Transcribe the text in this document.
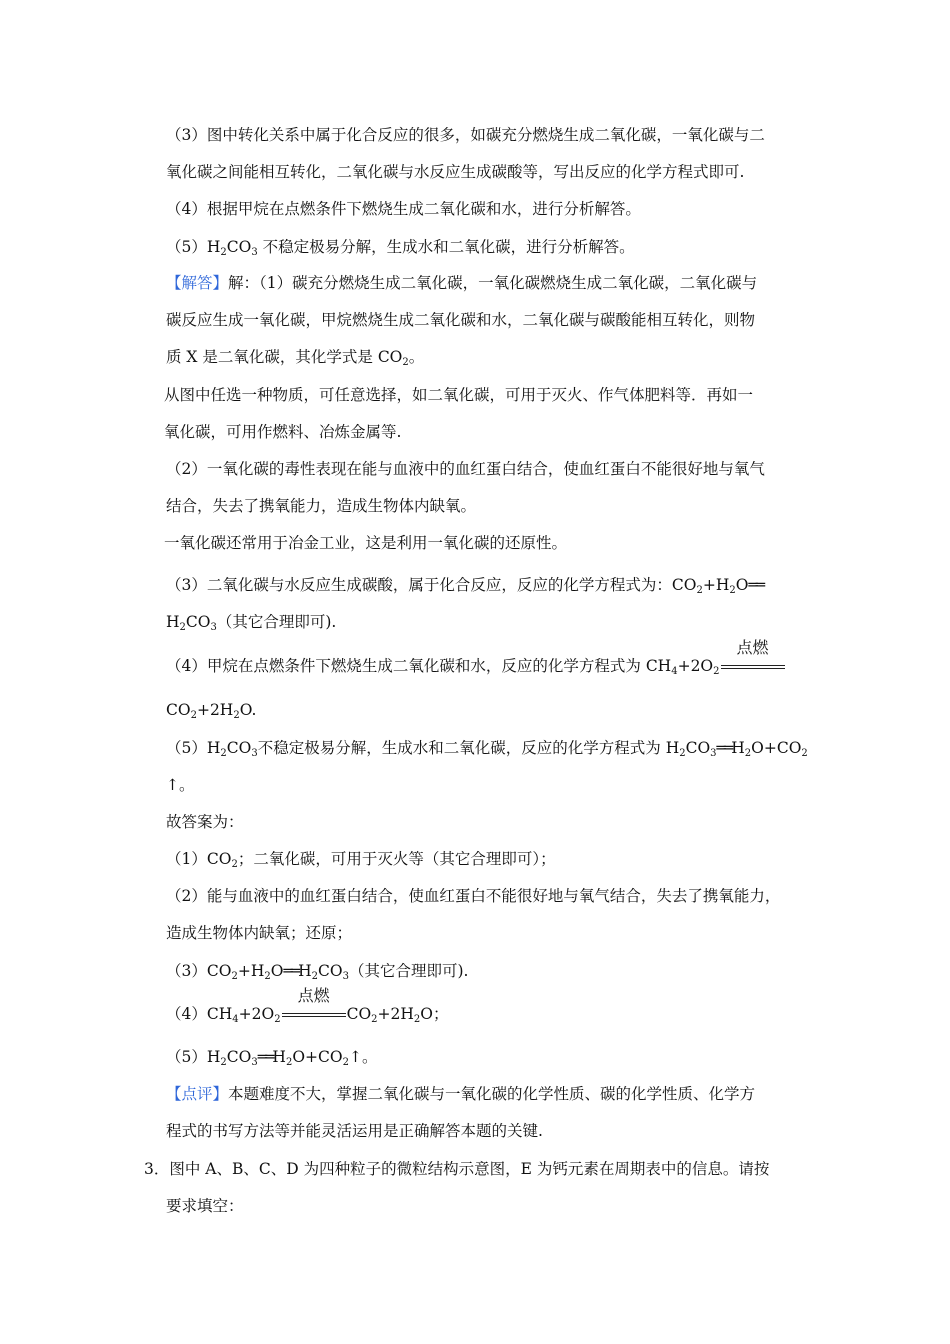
（3）图中转化关系中属于化合反应的很多，如碳充分燃烧生成二氧化碳，一氧化碳与二
氧化碳之间能相互转化，二氧化碳与水反应生成碳酸等，写出反应的化学方程式即可.
（4）根据甲烷在点燃条件下燃烧生成二氧化碳和水，进行分析解答。
$(5)H_2CO_3$ 不稳定极易分解，生成水和二氧化碳，进行分析解答。
【解答】解：（1）碳充分燃烧生成二氧化碳，一氧化碳燃烧生成二氧化碳，二氧化碳与
碳反应生成一氧化碳，甲烷燃烧生成二氧化碳和水，二氧化碳与碳酸能相互转化，则物
质 X 是二氧化碳，其化学式是 $CO_2$。
从图中任选一种物质，可任意选择，如二氧化碳，可用于灭火、作气体肥料等．再如一
氧化碳，可用作燃料、冶炼金属等.
（2）一氧化碳的毒性表现在能与血液中的血红蛋白结合，使血红蛋白不能很好地与氧气
结合，失去了携氧能力，造成生物体内缺氧。
一氧化碳还常用于冶金工业，这是利用一氧化碳的还原性。
（3）二氧化碳与水反应生成碳酸，属于化合反应，反应的化学方程式为：$CO_2+H_2O══$
$H_2CO_3$（其它合理即可).
（4）甲烷在点燃条件下燃烧生成二氧化碳和水，反应的化学方程式为 $CH_4+2O_2$
点燃
$CO_2+2H_2O$.
$(5)H_2CO_3$不稳定极易分解，生成水和二氧化碳，反应的化学方程式为 $H_2CO_3══H_2O+CO_2$
↑。
故答案为：
$(1)CO_2$；二氧化碳，可用于灭火等（其它合理即可）；
（2）能与血液中的血红蛋白结合，使血红蛋白不能很好地与氧气结合，失去了携氧能力，
造成生物体内缺氧；还原；
$(3)CO_2+H_2O══H_2CO_3$（其它合理即可).
$(4)CH_4+2O_2$
点燃
$CO_2+2H_2O$；
$(5)H_2CO_3══H_2O+CO_2↑$。
【点评】本题难度不大，掌握二氧化碳与一氧化碳的化学性质、碳的化学性质、化学方
程式的书写方法等并能灵活运用是正确解答本题的关键.
3．图中 A、B、C、D 为四种粒子的微粒结构示意图，E 为钙元素在周期表中的信息。请按
要求填空：
